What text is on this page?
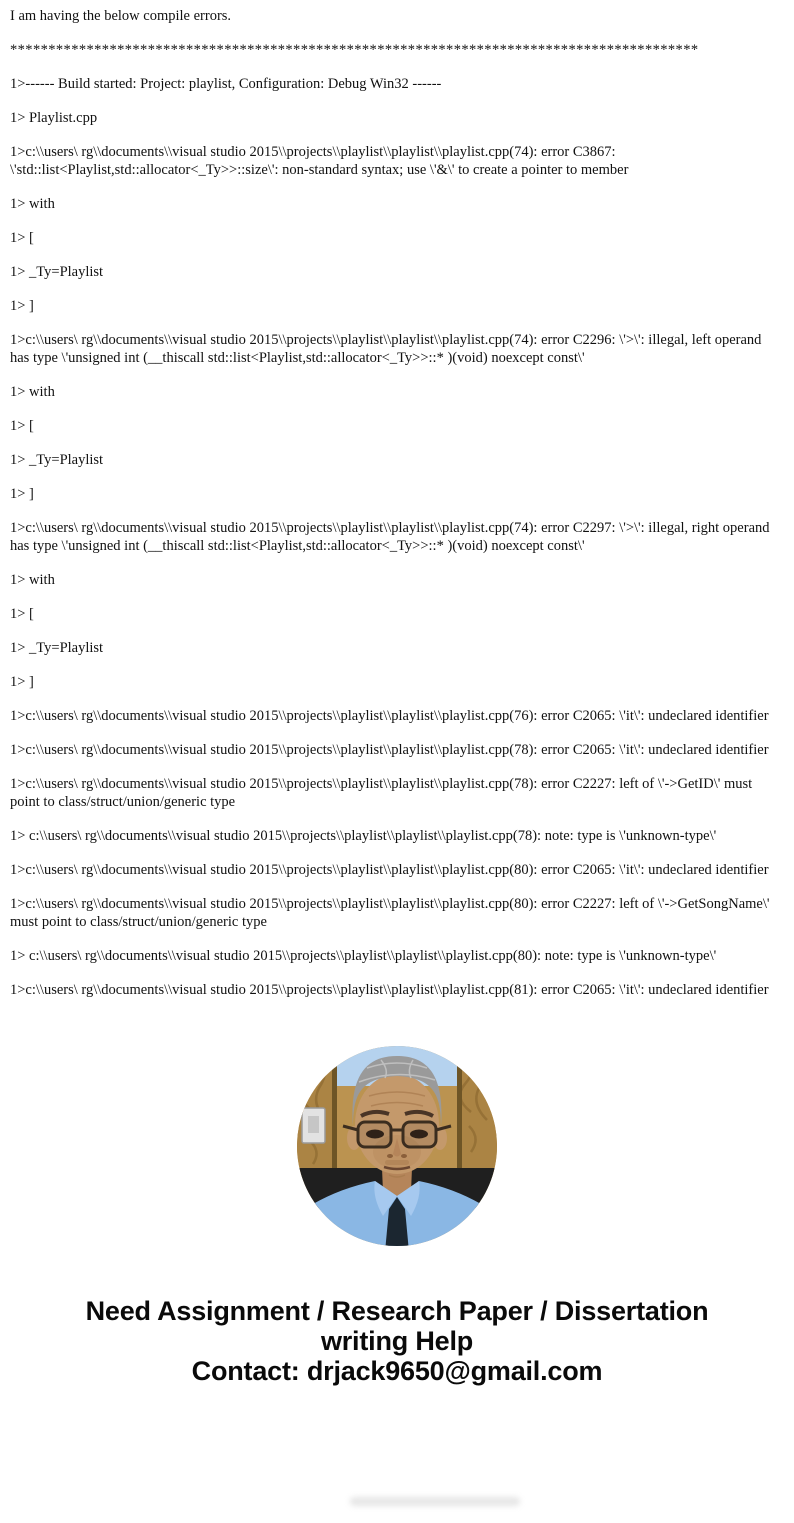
I am having the below compile errors.

******************************************************************************************

1>------ Build started: Project: playlist, Configuration: Debug Win32 ------

1> Playlist.cpp

1>c:\\users\ rg\\documents\\visual studio 2015\\projects\\playlist\\playlist\\playlist.cpp(74): error C3867: \'std::list<Playlist,std::allocator<_Ty>>::size\': non-standard syntax; use \'&\' to create a pointer to member

1> with

1> [

1> _Ty=Playlist

1> ]

1>c:\\users\ rg\\documents\\visual studio 2015\\projects\\playlist\\playlist\\playlist.cpp(74): error C2296: \'>\': illegal, left operand has type \'unsigned int (__thiscall std::list<Playlist,std::allocator<_Ty>>::* )(void) noexcept const\'

1> with

1> [

1> _Ty=Playlist

1> ]

1>c:\\users\ rg\\documents\\visual studio 2015\\projects\\playlist\\playlist\\playlist.cpp(74): error C2297: \'>\': illegal, right operand has type \'unsigned int (__thiscall std::list<Playlist,std::allocator<_Ty>>::* )(void) noexcept const\'

1> with

1> [

1> _Ty=Playlist

1> ]

1>c:\\users\ rg\\documents\\visual studio 2015\\projects\\playlist\\playlist\\playlist.cpp(76): error C2065: \'it\': undeclared identifier

1>c:\\users\ rg\\documents\\visual studio 2015\\projects\\playlist\\playlist\\playlist.cpp(78): error C2065: \'it\': undeclared identifier

1>c:\\users\ rg\\documents\\visual studio 2015\\projects\\playlist\\playlist\\playlist.cpp(78): error C2227: left of \'->GetID\' must point to class/struct/union/generic type

1> c:\\users\ rg\\documents\\visual studio 2015\\projects\\playlist\\playlist\\playlist.cpp(78): note: type is \'unknown-type\'

1>c:\\users\ rg\\documents\\visual studio 2015\\projects\\playlist\\playlist\\playlist.cpp(80): error C2065: \'it\': undeclared identifier

1>c:\\users\ rg\\documents\\visual studio 2015\\projects\\playlist\\playlist\\playlist.cpp(80): error C2227: left of \'->GetSongName\' must point to class/struct/union/generic type

1> c:\\users\ rg\\documents\\visual studio 2015\\projects\\playlist\\playlist\\playlist.cpp(80): note: type is \'unknown-type\'

1>c:\\users\ rg\\documents\\visual studio 2015\\projects\\playlist\\playlist\\playlist.cpp(81): error C2065: \'it\': undeclared identifier

Need Assignment / Research Paper / Dissertation
writing Help
Contact: drjack9650@gmail.com
